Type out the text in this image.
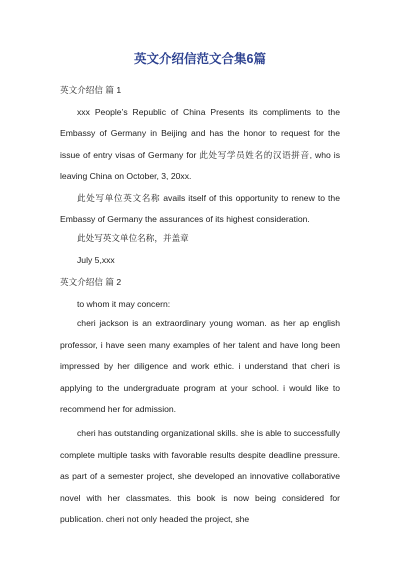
英文介绍信范文合集6篇

英文介绍信 篇 1

xxx People’s Republic of China Presents its compliments to the Embassy of Germany in Beijing and has the honor to request for the issue of entry visas of Germany for 此处写学员姓名的汉语拼音, who is leaving China on October, 3, 20xx.

此处写单位英文名称 avails itself of this opportunity to renew to the Embassy of Germany the assurances of its highest consideration.

此处写英文单位名称，并盖章

July 5,xxx

英文介绍信 篇 2

to whom it may concern:

cheri jackson is an extraordinary young woman. as her ap english professor, i have seen many examples of her talent and have long been impressed by her diligence and work ethic. i understand that cheri is applying to the undergraduate program at your school. i would like to recommend her for admission.

cheri has outstanding organizational skills. she is able to successfully complete multiple tasks with favorable results despite deadline pressure. as part of a semester project, she developed an innovative collaborative novel with her classmates. this book is now being considered for publication. cheri not only headed the project, she
